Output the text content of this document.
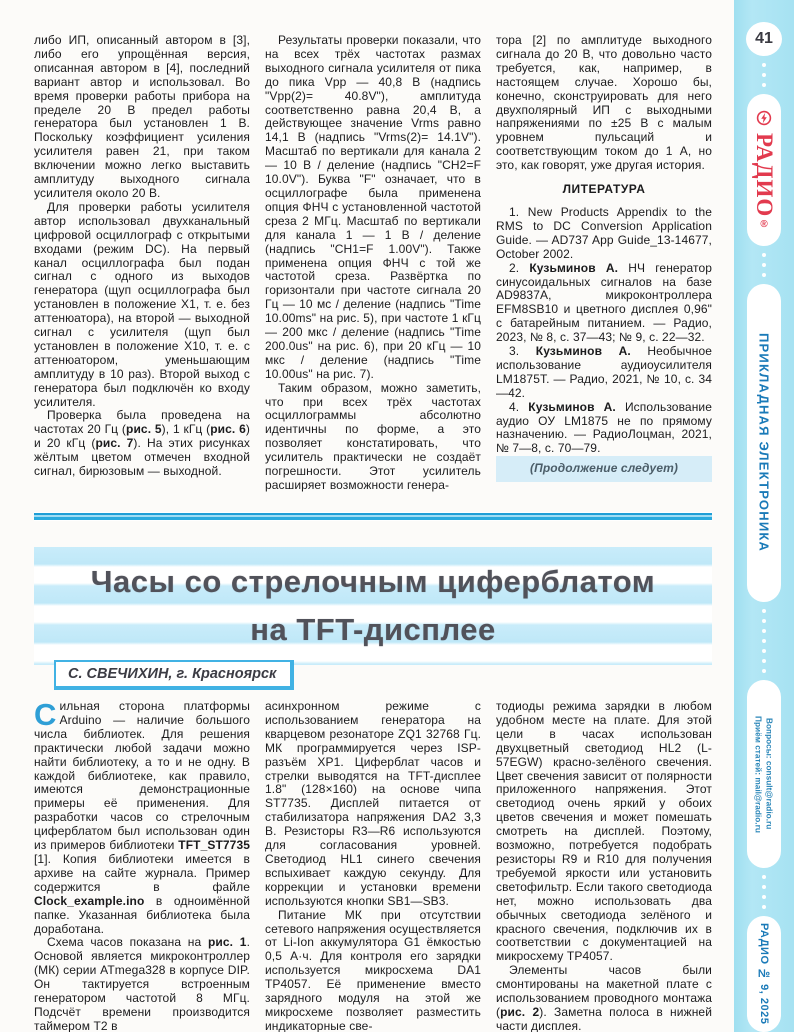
либо ИП, описанный автором в [3], либо его упрощённая версия, описанная автором в [4], последний вариант автор и использовал. Во время проверки работы прибора на пределе 20 В предел работы генератора был установлен 1 В. Поскольку коэффициент усиления усилителя равен 21, при таком включении можно легко выставить амплитуду выходного сигнала усилителя около 20 В.

Для проверки работы усилителя автор использовал двухканальный цифровой осциллограф с открытыми входами (режим DC). На первый канал осциллографа был подан сигнал с одного из выходов генератора (щуп осциллографа был установлен в положение X1, т. е. без аттенюатора), на второй — выходной сигнал с усилителя (щуп был установлен в положение X10, т. е. с аттенюатором, уменьшающим амплитуду в 10 раз). Второй выход с генератора был подключён ко входу усилителя.

Проверка была проведена на частотах 20 Гц (рис. 5), 1 кГц (рис. 6) и 20 кГц (рис. 7). На этих рисунках жёлтым цветом отмечен входной сигнал, бирюзовым — выходной.

Результаты проверки показали, что на всех трёх частотах размах выходного сигнала усилителя от пика до пика Vpp — 40,8 В (надпись "Vpp(2)= 40.8V"), амплитуда соответственно равна 20,4 В, а действующее значение Vrms равно 14,1 В (надпись "Vrms(2)= 14.1V"). Масштаб по вертикали для канала 2 — 10 В / деление (надпись "CH2=F 10.0V"). Буква "F" означает, что в осциллографе была применена опция ФНЧ с установленной частотой среза 2 МГц. Масштаб по вертикали для канала 1 — 1 В / деление (надпись "CH1=F 1.00V"). Также применена опция ФНЧ с той же частотой среза. Развёртка по горизонтали при частоте сигнала 20 Гц — 10 мс / деление (надпись "Time 10.00ms" на рис. 5), при частоте 1 кГц — 200 мкс / деление (надпись "Time 200.0us" на рис. 6), при 20 кГц — 10 мкс / деление (надпись "Time 10.00us" на рис. 7).

Таким образом, можно заметить, что при всех трёх частотах осциллограммы абсолютно идентичны по форме, а это позволяет констатировать, что усилитель практически не создаёт погрешности. Этот усилитель расширяет возможности генера-

тора [2] по амплитуде выходного сигнала до 20 В, что довольно часто требуется, как, например, в настоящем случае. Хорошо бы, конечно, сконструировать для него двухполярный ИП с выходными напряжениями по ±25 В с малым уровнем пульсаций и соответствующим током до 1 А, но это, как говорят, уже другая история.

ЛИТЕРАТУРА

1. New Products Appendix to the RMS to DC Conversion Application Guide. — AD737 App Guide_13-14677, October 2002.

2. Кузьминов А. НЧ генератор синусоидальных сигналов на базе AD9837A, микроконтроллера EFM8SB10 и цветного дисплея 0,96" с батарейным питанием. — Радио, 2023, № 8, с. 37—43; № 9, с. 22—32.

3. Кузьминов А. Необычное использование аудиоусилителя LM1875T. — Радио, 2021, № 10, с. 34—42.

4. Кузьминов А. Использование аудио ОУ LM1875 не по прямому назначению. — РадиоЛоцман, 2021, № 7—8, с. 70—79.

(Продолжение следует)

Часы со стрелочным циферблатом
на TFT-дисплее
С. СВЕЧИХИН, г. Красноярск

Сильная сторона платформы Arduino — наличие большого числа библиотек. Для решения практически любой задачи можно найти библиотеку, а то и не одну. В каждой библиотеке, как правило, имеются демонстрационные примеры её применения. Для разработки часов со стрелочным циферблатом был использован один из примеров библиотеки TFT_ST7735 [1]. Копия библиотеки имеется в архиве на сайте журнала. Пример содержится в файле Clock_example.ino в одноимённой папке. Указанная библиотека была доработана.

Схема часов показана на рис. 1. Основой является микроконтроллер (МК) серии ATmega328 в корпусе DIP. Он тактируется встроенным генератором частотой 8 МГц. Подсчёт времени производится таймером Т2 в

асинхронном режиме с использованием генератора на кварцевом резонаторе ZQ1 32768 Гц. МК программируется через ISP-разъём XP1. Циферблат часов и стрелки выводятся на TFT-дисплее 1.8" (128×160) на основе чипа ST7735. Дисплей питается от стабилизатора напряжения DA2 3,3 В. Резисторы R3—R6 используются для согласования уровней. Светодиод HL1 синего свечения вспыхивает каждую секунду. Для коррекции и установки времени используются кнопки SB1—SB3.

Питание МК при отсутствии сетевого напряжения осуществляется от Li-Ion аккумулятора G1 ёмкостью 0,5 А·ч. Для контроля его зарядки используется микросхема DA1 TP4057. Её применение вместо зарядного модуля на этой же микросхеме позволяет разместить индикаторные све-

тодиоды режима зарядки в любом удобном месте на плате. Для этой цели в часах использован двухцветный светодиод HL2 (L-57EGW) красно-зелёного свечения. Цвет свечения зависит от полярности приложенного напряжения. Этот светодиод очень яркий у обоих цветов свечения и может помешать смотреть на дисплей. Поэтому, возможно, потребуется подобрать резисторы R9 и R10 для получения требуемой яркости или установить светофильтр. Если такого светодиода нет, можно использовать два обычных светодиода зелёного и красного свечения, подключив их в соответствии с документацией на микросхему TP4057.

Элементы часов были смонтированы на макетной плате с использованием проводного монтажа (рис. 2). Заметна полоса в нижней части дисплея.

41
РАДИО
®
ПРИКЛАДНАЯ ЭЛЕКТРОНИКА
Приём статей: mail@radio.ru Вопросы: consult@radio.ru
РАДИО № 9, 2025
